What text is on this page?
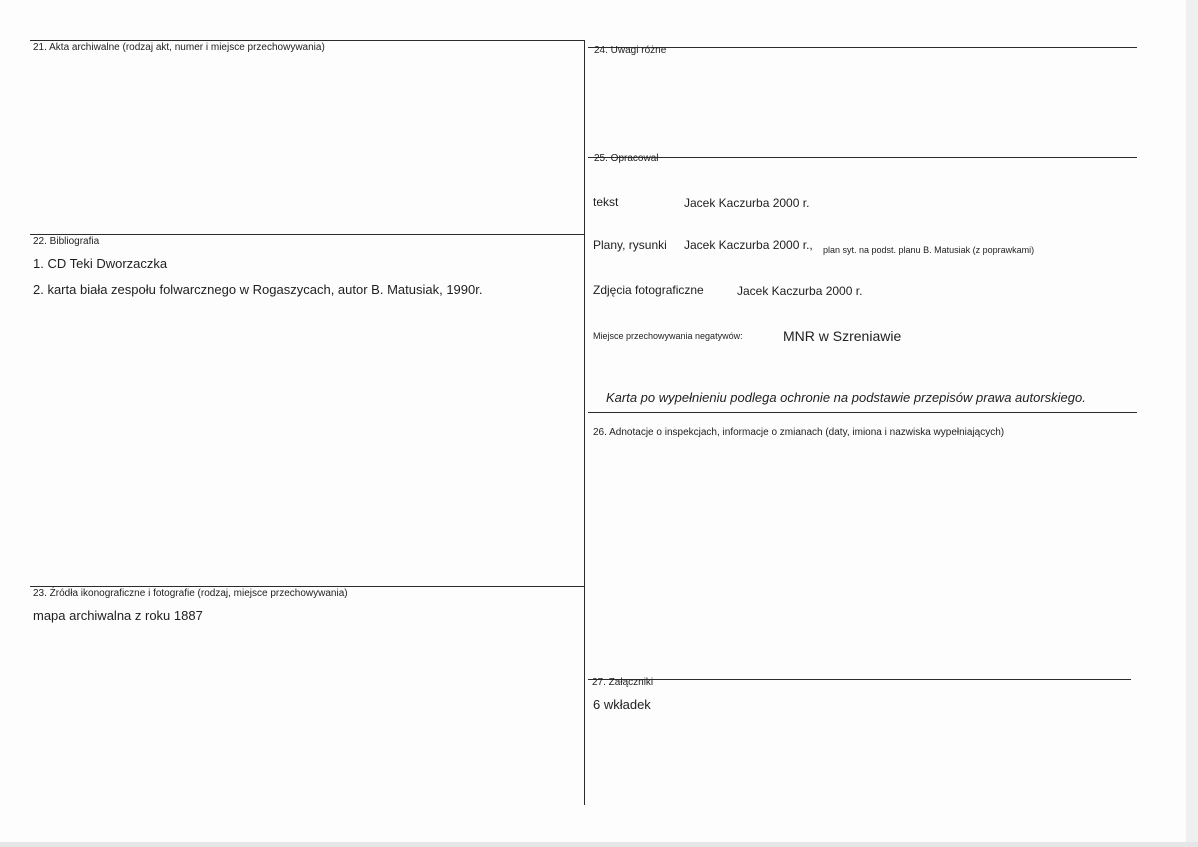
21. Akta archiwalne (rodzaj akt, numer i miejsce przechowywania)
22. Bibliografia
1. CD Teki Dworzaczka
2. karta biała zespołu folwarcznego w Rogaszycach, autor B. Matusiak, 1990r.
23. Źródła ikonograficzne i fotografie (rodzaj, miejsce przechowywania)
mapa archiwalna z roku 1887
24. Uwagi różne
25. Opracował
tekst	Jacek Kaczurba 2000 r.
Plany, rysunki Jacek Kaczurba 2000 r., plan syt. na podst. planu B. Matusiak (z poprawkami)
Zdjęcia fotograficzne	Jacek Kaczurba 2000 r.
Miejsce przechowywania negatywów:	MNR w Szreniawie
Karta po wypełnieniu podlega ochronie na podstawie przepisów prawa autorskiego.
26. Adnotacje o inspekcjach, informacje o zmianach (daty, imiona i nazwiska wypełniających)
27. Załączniki
6 wkładek
